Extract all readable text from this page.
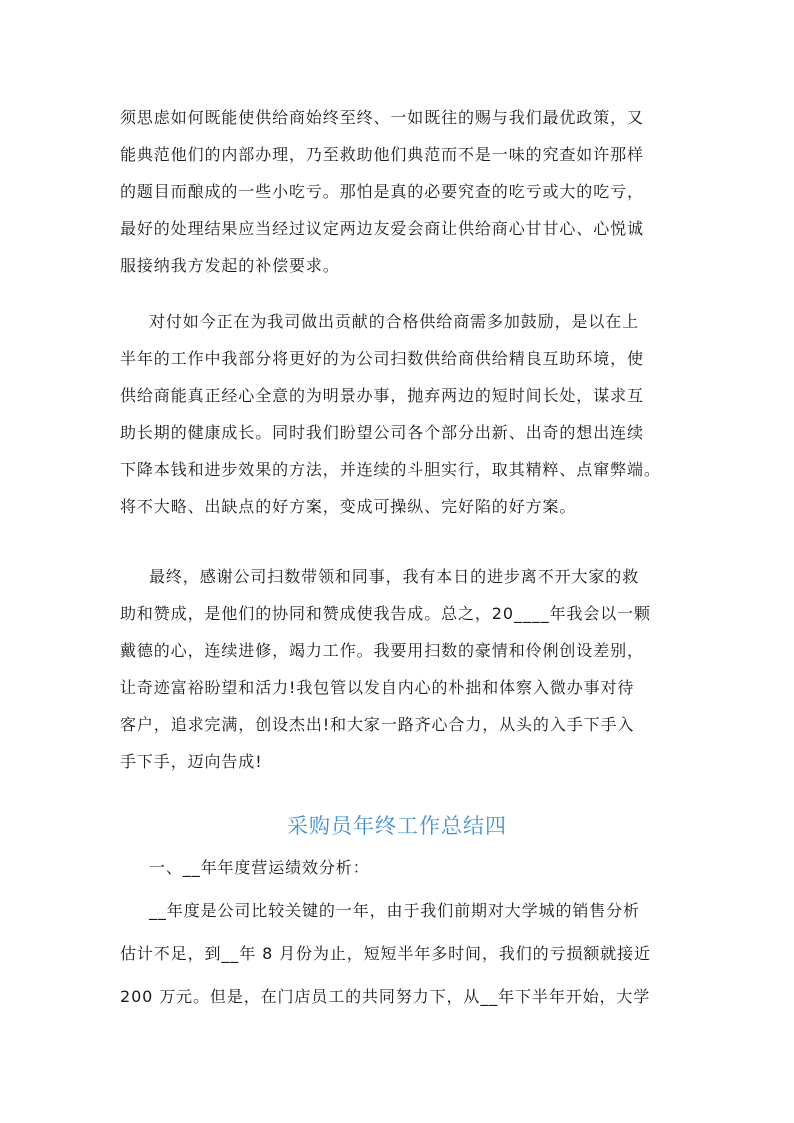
须思虑如何既能使供给商始终至终、一如既往的赐与我们最优政策，又
能典范他们的内部办理，乃至救助他们典范而不是一味的究查如许那样
的题目而酿成的一些小吃亏。那怕是真的必要究查的吃亏或大的吃亏，
最好的处理结果应当经过议定两边友爱会商让供给商心甘甘心、心悦诚
服接纳我方发起的补偿要求。
对付如今正在为我司做出贡献的合格供给商需多加鼓励，是以在上
半年的工作中我部分将更好的为公司扫数供给商供给精良互助环境，使
供给商能真正经心全意的为明景办事，抛弃两边的短时间长处，谋求互
助长期的健康成长。同时我们盼望公司各个部分出新、出奇的想出连续
下降本钱和进步效果的方法，并连续的斗胆实行，取其精粹、点窜弊端。
将不大略、出缺点的好方案，变成可操纵、完好陷的好方案。
最终，感谢公司扫数带领和同事，我有本日的进步离不开大家的救
助和赞成，是他们的协同和赞成使我告成。总之，20____年我会以一颗
戴德的心，连续进修，竭力工作。我要用扫数的豪情和伶俐创设差别，
让奇迹富裕盼望和活力!我包管以发自内心的朴拙和体察入微办事对待
客户，追求完满，创设杰出!和大家一路齐心合力，从头的入手下手入
手下手，迈向告成!
采购员年终工作总结四
一、__年年度营运绩效分析：
__年度是公司比较关键的一年，由于我们前期对大学城的销售分析
估计不足，到__年 8 月份为止，短短半年多时间，我们的亏损额就接近
200 万元。但是，在门店员工的共同努力下，从__年下半年开始，大学
